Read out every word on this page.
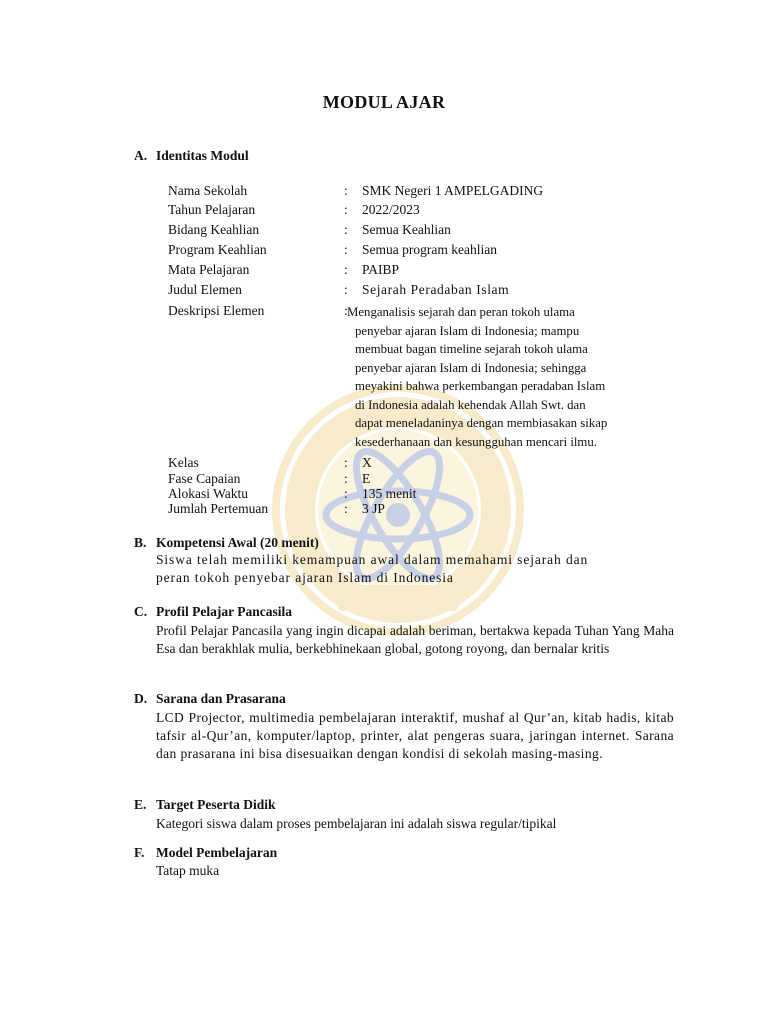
MODUL AJAR
A. Identitas Modul
Nama Sekolah	: SMK Negeri 1 AMPELGADING
Tahun Pelajaran	: 2022/2023
Bidang Keahlian	: Semua Keahlian
Program Keahlian	: Semua program keahlian
Mata Pelajaran	: PAIBP
Judul Elemen	: Sejarah Peradaban Islam
Deskripsi Elemen	: Menganalisis sejarah dan peran tokoh ulama
penyebar ajaran Islam di Indonesia; mampu
membuat bagan timeline sejarah tokoh ulama
penyebar ajaran Islam di Indonesia; sehingga
meyakini bahwa perkembangan peradaban Islam
di Indonesia adalah kehendak Allah Swt. dan
dapat meneladaninya dengan membiasakan sikap
kesederhanaan dan kesungguhan mencari ilmu.
Kelas	: X
Fase Capaian	: E
Alokasi Waktu	: 135 menit
Jumlah Pertemuan	: 3 JP
B. Kompetensi Awal (20 menit)
Siswa telah memiliki kemampuan awal dalam memahami sejarah dan
peran tokoh penyebar ajaran Islam di Indonesia
C. Profil Pelajar Pancasila
Profil Pelajar Pancasila yang ingin dicapai adalah beriman, bertakwa kepada Tuhan Yang Maha Esa dan berakhlak mulia, berkebhinekaan global, gotong royong, dan bernalar kritis
D. Sarana dan Prasarana
LCD Projector, multimedia pembelajaran interaktif, mushaf al Qur’an, kitab hadis, kitab tafsir al-Qur’an, komputer/laptop, printer, alat pengeras suara, jaringan internet. Sarana dan prasarana ini bisa disesuaikan dengan kondisi di sekolah masing-masing.
E. Target Peserta Didik
Kategori siswa dalam proses pembelajaran ini adalah siswa regular/tipikal
F. Model Pembelajaran
Tatap muka
